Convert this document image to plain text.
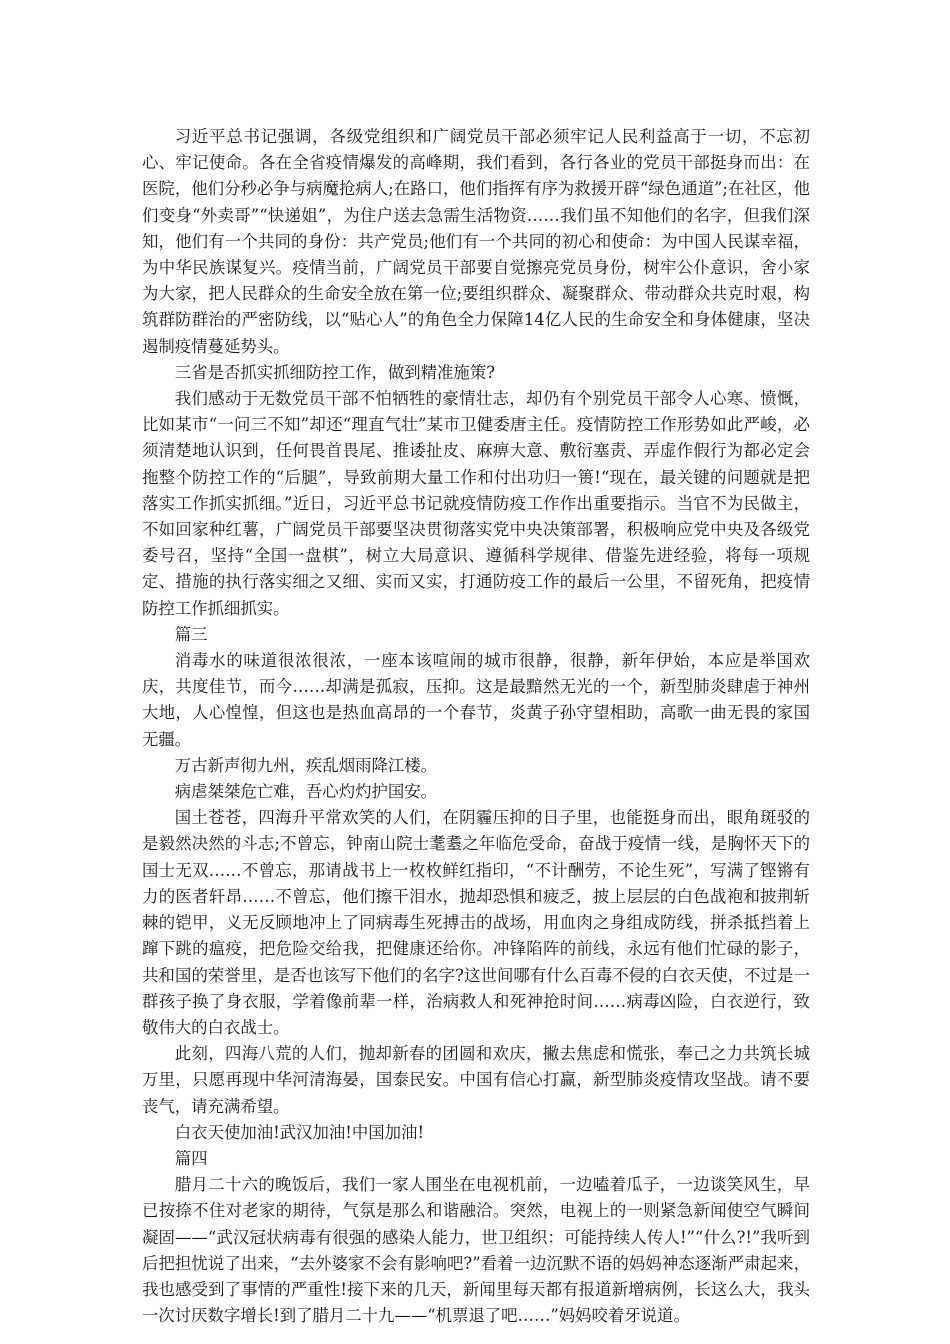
习近平总书记强调，各级党组织和广阔党员干部必须牢记人民利益高于一切，不忘初心、牢记使命。各在全省疫情爆发的高峰期，我们看到，各行各业的党员干部挺身而出：在医院，他们分秒必争与病魔抢病人;在路口，他们指挥有序为救援开辟“绿色通道”;在社区，他们变身“外卖哥”“快递姐”，为住户送去急需生活物资……我们虽不知他们的名字，但我们深知，他们有一个共同的身份：共产党员;他们有一个共同的初心和使命：为中国人民谋幸福，为中华民族谋复兴。疫情当前，广阔党员干部要自觉擦亮党员身份，树牢公仆意识，舍小家为大家，把人民群众的生命安全放在第一位;要组织群众、凝聚群众、带动群众共克时艰，构筑群防群治的严密防线，以“贴心人”的角色全力保障14亿人民的生命安全和身体健康，坚决遏制疫情蔓延势头。

三省是否抓实抓细防控工作，做到精准施策?

我们感动于无数党员干部不怕牺牲的豪情壮志，却仍有个别党员干部令人心寒、愤慨，比如某市“一问三不知”却还“理直气壮”某市卫健委唐主任。疫情防控工作形势如此严峻，必须清楚地认识到，任何畏首畏尾、推诿扯皮、麻痹大意、敷衍塞责、弄虚作假行为都必定会拖整个防控工作的“后腿”，导致前期大量工作和付出功归一篑!“现在，最关键的问题就是把落实工作抓实抓细。”近日，习近平总书记就疫情防疫工作作出重要指示。当官不为民做主，不如回家种红薯，广阔党员干部要坚决贯彻落实党中央决策部署，积极响应党中央及各级党委号召，坚持“全国一盘棋”，树立大局意识、遵循科学规律、借鉴先进经验，将每一项规定、措施的执行落实细之又细、实而又实，打通防疫工作的最后一公里，不留死角，把疫情防控工作抓细抓实。

篇三

消毒水的味道很浓很浓，一座本该喧闹的城市很静，很静，新年伊始，本应是举国欢庆，共度佳节，而今……却满是孤寂，压抑。这是最黯然无光的一个，新型肺炎肆虐于神州大地，人心惶惶，但这也是热血高昂的一个春节，炎黄子孙守望相助，高歌一曲无畏的家国无疆。

万古新声彻九州，疾乱烟雨降江楼。

病虐桀桀危亡难，吾心灼灼护国安。

国土苍苍，四海升平常欢笑的人们，在阴霾压抑的日子里，也能挺身而出，眼角斑驳的是毅然决然的斗志;不曾忘，钟南山院士耄耋之年临危受命，奋战于疫情一线，是胸怀天下的国士无双……不曾忘，那请战书上一枚枚鲜红指印，“不计酬劳，不论生死”，写满了铿锵有力的医者轩昂……不曾忘，他们擦干泪水，抛却恐惧和疲乏，披上层层的白色战袍和披荆斩棘的铠甲，义无反顾地冲上了同病毒生死搏击的战场，用血肉之身组成防线，拼杀抵挡着上蹿下跳的瘟疫，把危险交给我，把健康还给你。冲锋陷阵的前线，永远有他们忙碌的影子，共和国的荣誉里，是否也该写下他们的名字?这世间哪有什么百毒不侵的白衣天使，不过是一群孩子换了身衣服，学着像前辈一样，治病救人和死神抢时间……病毒凶险，白衣逆行，致敬伟大的白衣战士。

此刻，四海八荒的人们，抛却新春的团圆和欢庆，撇去焦虑和慌张，奉己之力共筑长城万里，只愿再现中华河清海晏，国泰民安。中国有信心打赢，新型肺炎疫情攻坚战。请不要丧气，请充满希望。

白衣天使加油!武汉加油!中国加油!

篇四

腊月二十六的晚饭后，我们一家人围坐在电视机前，一边嗑着瓜子，一边谈笑风生，早已按捺不住对老家的期待，气氛是那么和谐融洽。突然，电视上的一则紧急新闻使空气瞬间凝固——“武汉冠状病毒有很强的感染人能力，世卫组织：可能持续人传人!”“什么?!”我听到后把担忧说了出来，“去外婆家不会有影响吧?”看着一边沉默不语的妈妈神态逐渐严肃起来，我也感受到了事情的严重性!接下来的几天，新闻里每天都有报道新增病例，长这么大，我头一次讨厌数字增长!到了腊月二十九——“机票退了吧……”妈妈咬着牙说道。
